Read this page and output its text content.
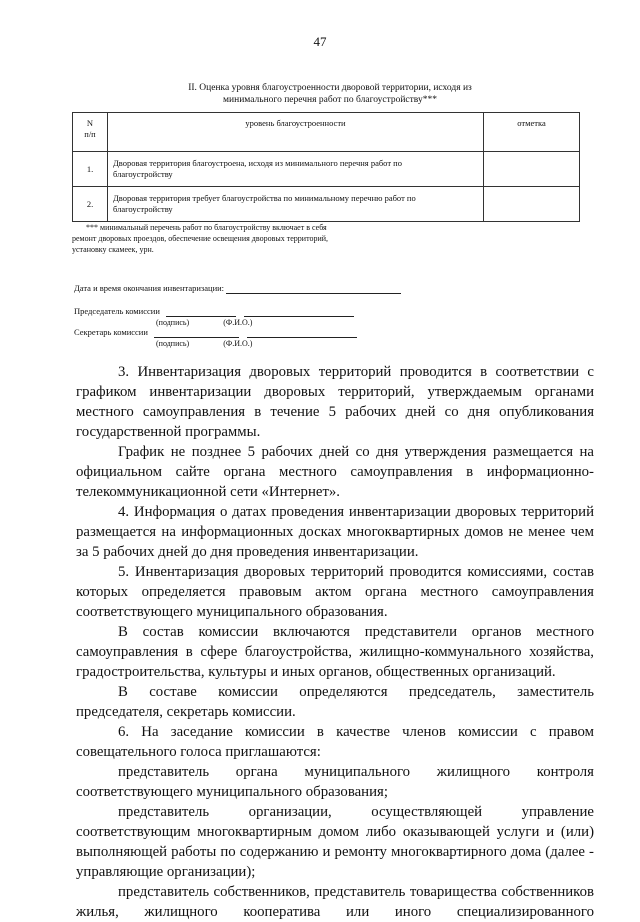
47
II. Оценка уровня благоустроенности дворовой территории, исходя из
минимального перечня работ по благоустройству***
N
п/п	уровень благоустроенности	отметка
1.	Дворовая территория благоустроена, исходя из минимального перечня работ по
благоустройству	

2.	Дворовая территория требует благоустройства по минимальному перечню работ по
благоустройству	

*** минимальный перечень работ по благоустройству включает в себя
ремонт дворовых проездов, обеспечение освещения дворовых территорий,
установку скамеек, урн.
Дата и время окончания инвентаризации:
Председатель комиссии
(подпись)	(Ф.И.О.)
Секретарь комиссии
(подпись)	(Ф.И.О.)

3. Инвентаризация дворовых территорий проводится в соответствии с графиком инвентаризации дворовых территорий, утверждаемым органами местного самоуправления в течение 5 рабочих дней со дня опубликования государственной программы.

График не позднее 5 рабочих дней со дня утверждения размещается на официальном сайте органа местного самоуправления в информационно-телекоммуникационной сети «Интернет».

4. Информация о датах проведения инвентаризации дворовых территорий размещается на информационных досках многоквартирных домов не менее чем за 5 рабочих дней до дня проведения инвентаризации.

5. Инвентаризация дворовых территорий проводится комиссиями, состав которых определяется правовым актом органа местного самоуправления соответствующего муниципального образования.

В состав комиссии включаются представители органов местного самоуправления в сфере благоустройства, жилищно-коммунального хозяйства, градостроительства, культуры и иных органов, общественных организаций.

В составе комиссии определяются председатель, заместитель председателя, секретарь комиссии.

6. На заседание комиссии в качестве членов комиссии с правом совещательного голоса приглашаются:

представитель органа муниципального жилищного контроля соответствующего муниципального образования;

представитель организации, осуществляющей управление соответствующим многоквартирным домом либо оказывающей услуги и (или) выполняющей работы по содержанию и ремонту многоквартирного дома (далее - управляющие организации);

представитель собственников, представитель товарищества собственников жилья, жилищного кооператива или иного специализированного
